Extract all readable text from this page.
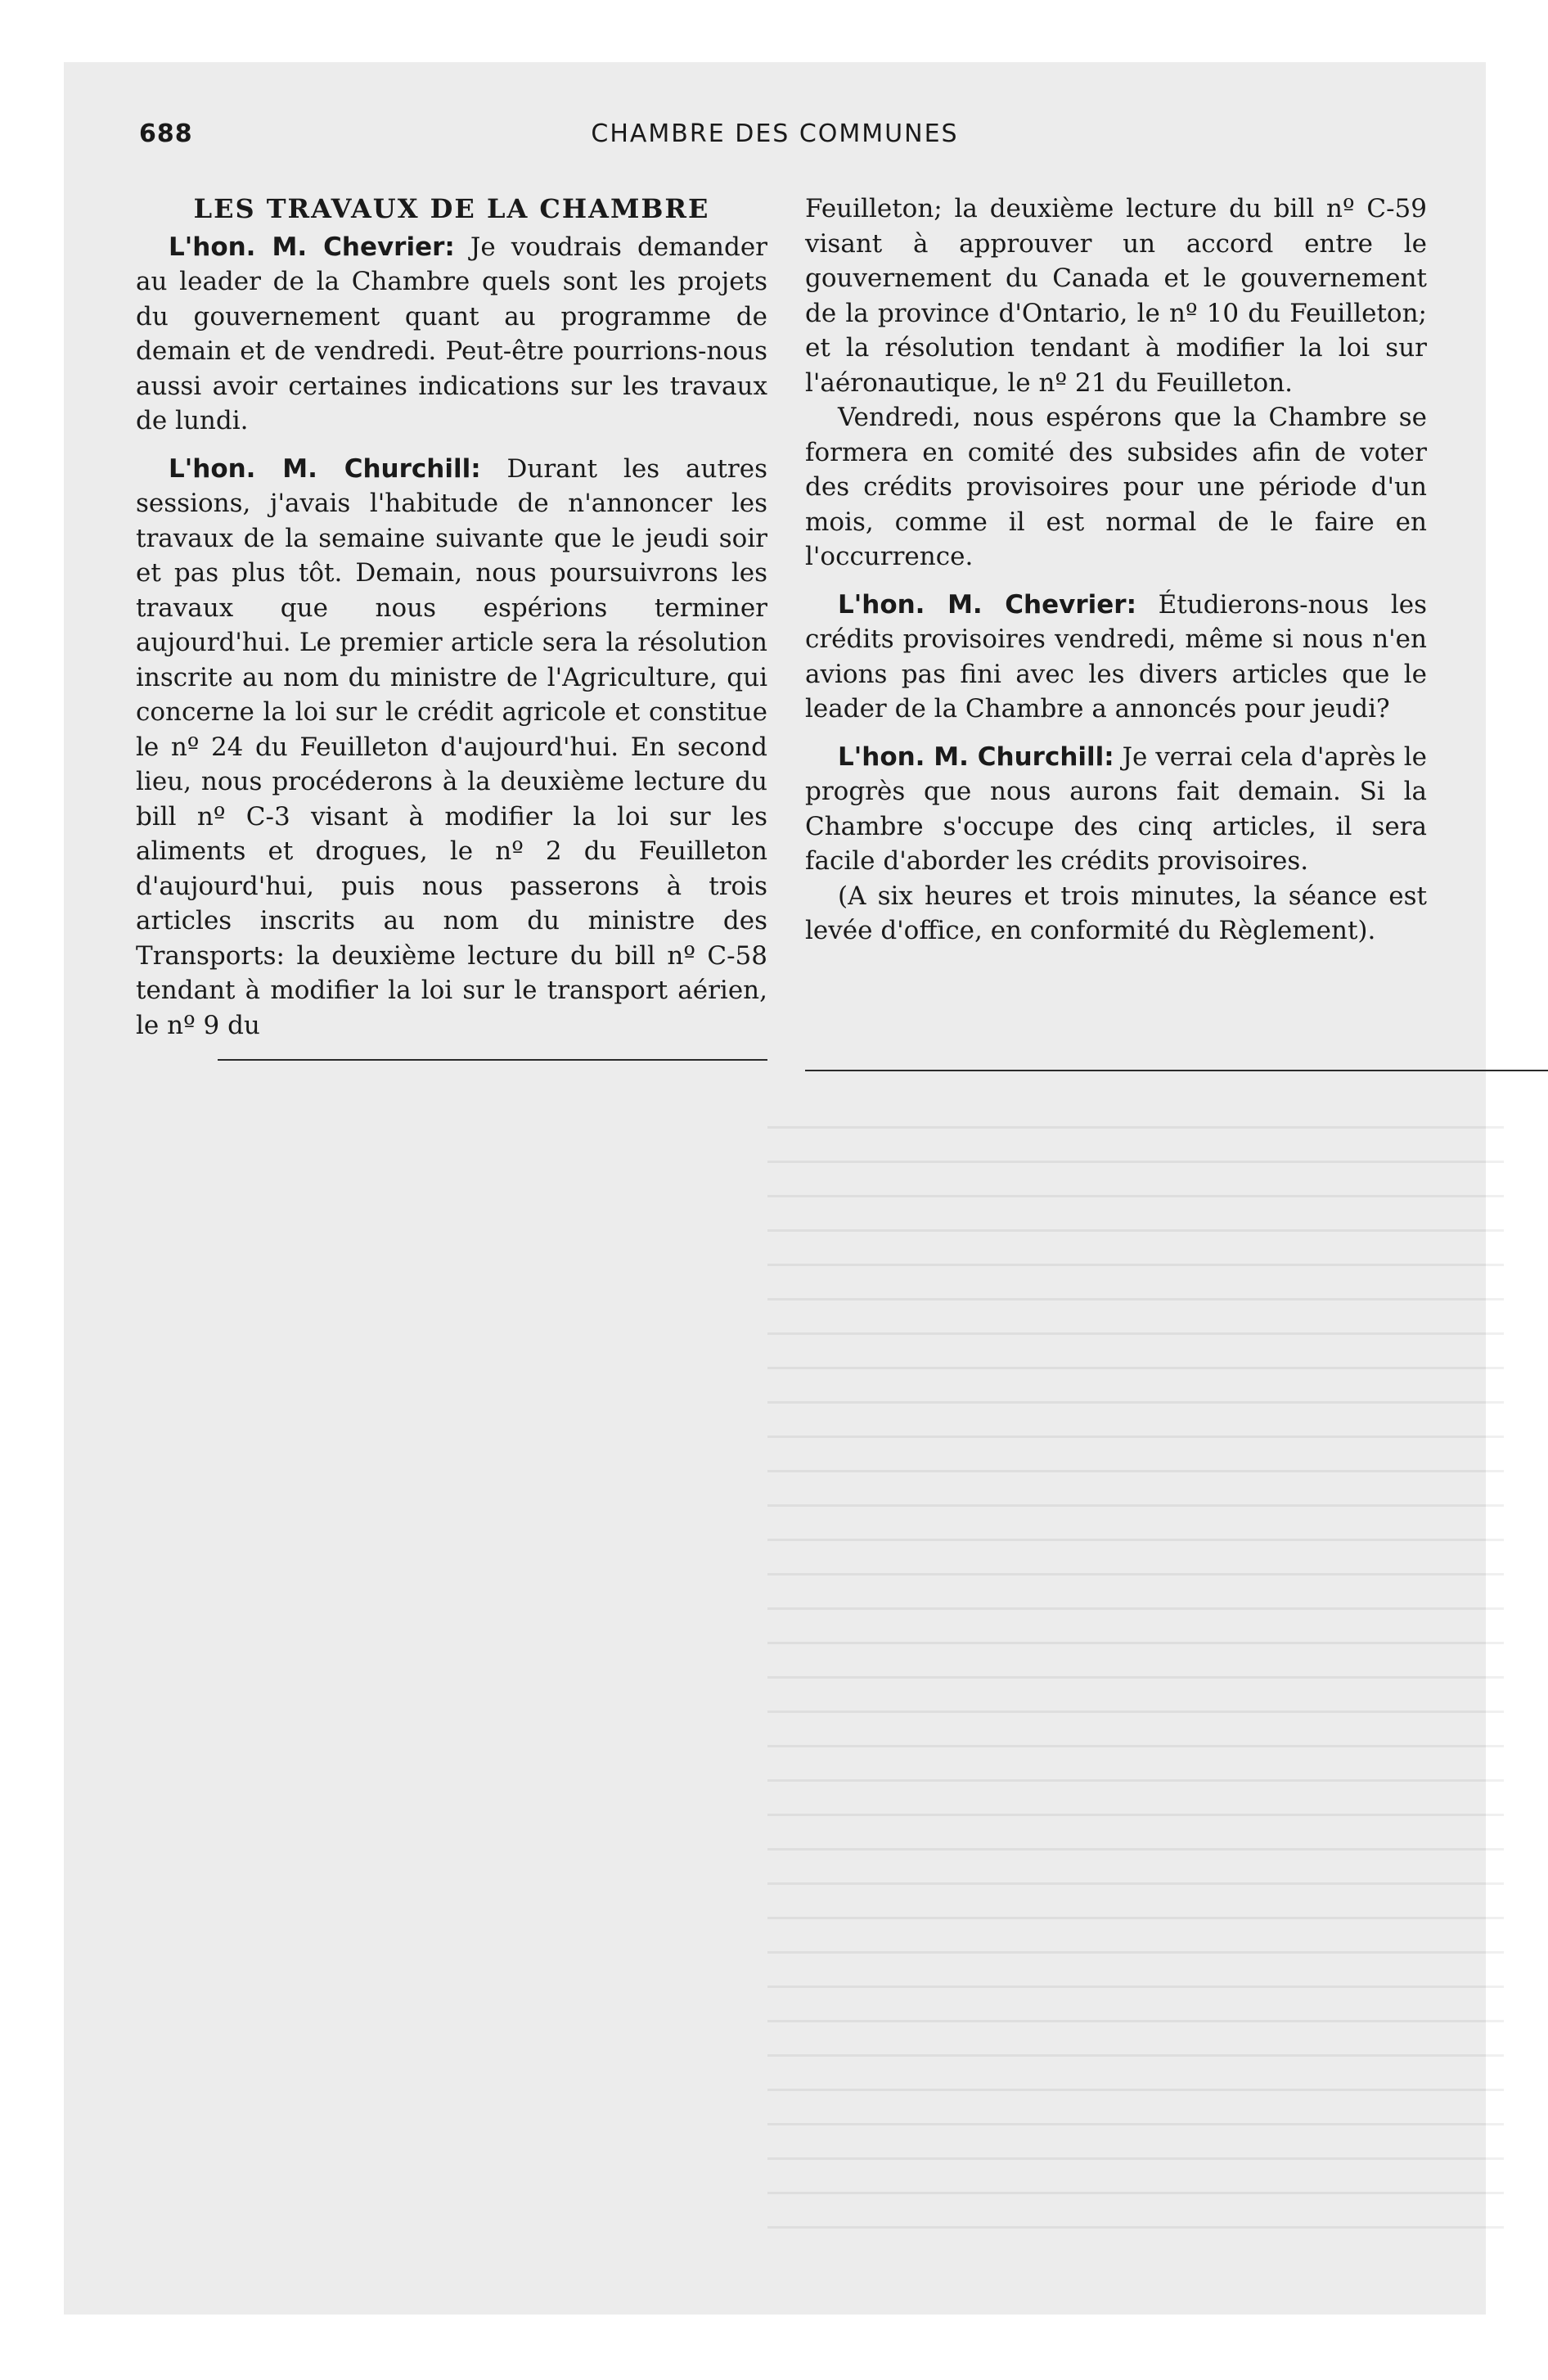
688	CHAMBRE DES COMMUNES
LES TRAVAUX DE LA CHAMBRE

L'hon. M. Chevrier: Je voudrais demander au leader de la Chambre quels sont les projets du gouvernement quant au programme de demain et de vendredi. Peut-être pourrions-nous aussi avoir certaines indications sur les travaux de lundi.

L'hon. M. Churchill: Durant les autres sessions, j'avais l'habitude de n'annoncer les travaux de la semaine suivante que le jeudi soir et pas plus tôt. Demain, nous poursuivrons les travaux que nous espérions terminer aujourd'hui. Le premier article sera la résolution inscrite au nom du ministre de l'Agriculture, qui concerne la loi sur le crédit agricole et constitue le nº 24 du Feuilleton d'aujourd'hui. En second lieu, nous procéderons à la deuxième lecture du bill nº C-3 visant à modifier la loi sur les aliments et drogues, le nº 2 du Feuilleton d'aujourd'hui, puis nous passerons à trois articles inscrits au nom du ministre des Transports: la deuxième lecture du bill nº C-58 tendant à modifier la loi sur le transport aérien, le nº 9 du

Feuilleton; la deuxième lecture du bill nº C-59 visant à approuver un accord entre le gouvernement du Canada et le gouvernement de la province d'Ontario, le nº 10 du Feuilleton; et la résolution tendant à modifier la loi sur l'aéronautique, le nº 21 du Feuilleton.

Vendredi, nous espérons que la Chambre se formera en comité des subsides afin de voter des crédits provisoires pour une période d'un mois, comme il est normal de le faire en l'occurrence.

L'hon. M. Chevrier: Étudierons-nous les crédits provisoires vendredi, même si nous n'en avions pas fini avec les divers articles que le leader de la Chambre a annoncés pour jeudi?

L'hon. M. Churchill: Je verrai cela d'après le progrès que nous aurons fait demain. Si la Chambre s'occupe des cinq articles, il sera facile d'aborder les crédits provisoires.

(A six heures et trois minutes, la séance est levée d'office, en conformité du Règlement).
